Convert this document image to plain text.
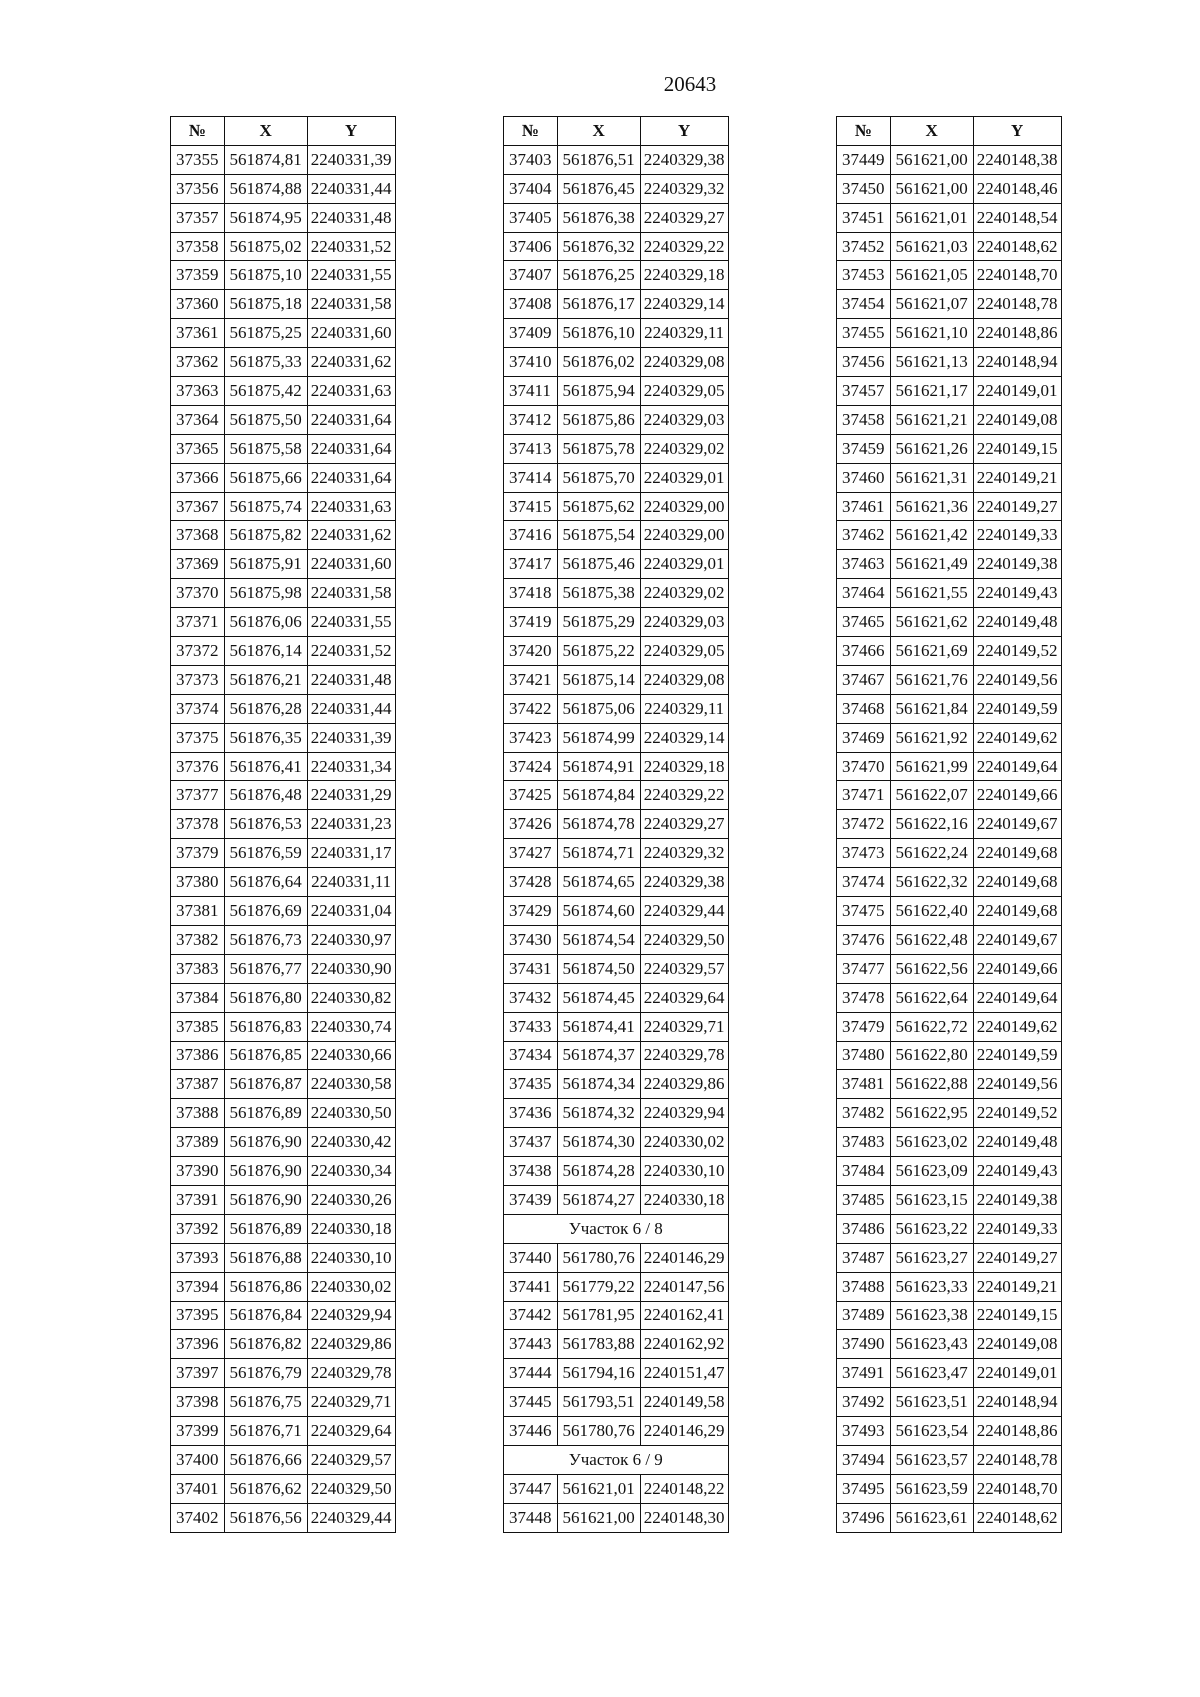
20643
№	X	Y
37355	561874,81	2240331,39
37356	561874,88	2240331,44
37357	561874,95	2240331,48
37358	561875,02	2240331,52
37359	561875,10	2240331,55
37360	561875,18	2240331,58
37361	561875,25	2240331,60
37362	561875,33	2240331,62
37363	561875,42	2240331,63
37364	561875,50	2240331,64
37365	561875,58	2240331,64
37366	561875,66	2240331,64
37367	561875,74	2240331,63
37368	561875,82	2240331,62
37369	561875,91	2240331,60
37370	561875,98	2240331,58
37371	561876,06	2240331,55
37372	561876,14	2240331,52
37373	561876,21	2240331,48
37374	561876,28	2240331,44
37375	561876,35	2240331,39
37376	561876,41	2240331,34
37377	561876,48	2240331,29
37378	561876,53	2240331,23
37379	561876,59	2240331,17
37380	561876,64	2240331,11
37381	561876,69	2240331,04
37382	561876,73	2240330,97
37383	561876,77	2240330,90
37384	561876,80	2240330,82
37385	561876,83	2240330,74
37386	561876,85	2240330,66
37387	561876,87	2240330,58
37388	561876,89	2240330,50
37389	561876,90	2240330,42
37390	561876,90	2240330,34
37391	561876,90	2240330,26
37392	561876,89	2240330,18
37393	561876,88	2240330,10
37394	561876,86	2240330,02
37395	561876,84	2240329,94
37396	561876,82	2240329,86
37397	561876,79	2240329,78
37398	561876,75	2240329,71
37399	561876,71	2240329,64
37400	561876,66	2240329,57
37401	561876,62	2240329,50
37402	561876,56	2240329,44
№	X	Y
37403	561876,51	2240329,38
37404	561876,45	2240329,32
37405	561876,38	2240329,27
37406	561876,32	2240329,22
37407	561876,25	2240329,18
37408	561876,17	2240329,14
37409	561876,10	2240329,11
37410	561876,02	2240329,08
37411	561875,94	2240329,05
37412	561875,86	2240329,03
37413	561875,78	2240329,02
37414	561875,70	2240329,01
37415	561875,62	2240329,00
37416	561875,54	2240329,00
37417	561875,46	2240329,01
37418	561875,38	2240329,02
37419	561875,29	2240329,03
37420	561875,22	2240329,05
37421	561875,14	2240329,08
37422	561875,06	2240329,11
37423	561874,99	2240329,14
37424	561874,91	2240329,18
37425	561874,84	2240329,22
37426	561874,78	2240329,27
37427	561874,71	2240329,32
37428	561874,65	2240329,38
37429	561874,60	2240329,44
37430	561874,54	2240329,50
37431	561874,50	2240329,57
37432	561874,45	2240329,64
37433	561874,41	2240329,71
37434	561874,37	2240329,78
37435	561874,34	2240329,86
37436	561874,32	2240329,94
37437	561874,30	2240330,02
37438	561874,28	2240330,10
37439	561874,27	2240330,18
Участок 6 / 8		
37440	561780,76	2240146,29
37441	561779,22	2240147,56
37442	561781,95	2240162,41
37443	561783,88	2240162,92
37444	561794,16	2240151,47
37445	561793,51	2240149,58
37446	561780,76	2240146,29
Участок 6 / 9		
37447	561621,01	2240148,22
37448	561621,00	2240148,30
№	X	Y
37449	561621,00	2240148,38
37450	561621,00	2240148,46
37451	561621,01	2240148,54
37452	561621,03	2240148,62
37453	561621,05	2240148,70
37454	561621,07	2240148,78
37455	561621,10	2240148,86
37456	561621,13	2240148,94
37457	561621,17	2240149,01
37458	561621,21	2240149,08
37459	561621,26	2240149,15
37460	561621,31	2240149,21
37461	561621,36	2240149,27
37462	561621,42	2240149,33
37463	561621,49	2240149,38
37464	561621,55	2240149,43
37465	561621,62	2240149,48
37466	561621,69	2240149,52
37467	561621,76	2240149,56
37468	561621,84	2240149,59
37469	561621,92	2240149,62
37470	561621,99	2240149,64
37471	561622,07	2240149,66
37472	561622,16	2240149,67
37473	561622,24	2240149,68
37474	561622,32	2240149,68
37475	561622,40	2240149,68
37476	561622,48	2240149,67
37477	561622,56	2240149,66
37478	561622,64	2240149,64
37479	561622,72	2240149,62
37480	561622,80	2240149,59
37481	561622,88	2240149,56
37482	561622,95	2240149,52
37483	561623,02	2240149,48
37484	561623,09	2240149,43
37485	561623,15	2240149,38
37486	561623,22	2240149,33
37487	561623,27	2240149,27
37488	561623,33	2240149,21
37489	561623,38	2240149,15
37490	561623,43	2240149,08
37491	561623,47	2240149,01
37492	561623,51	2240148,94
37493	561623,54	2240148,86
37494	561623,57	2240148,78
37495	561623,59	2240148,70
37496	561623,61	2240148,62
